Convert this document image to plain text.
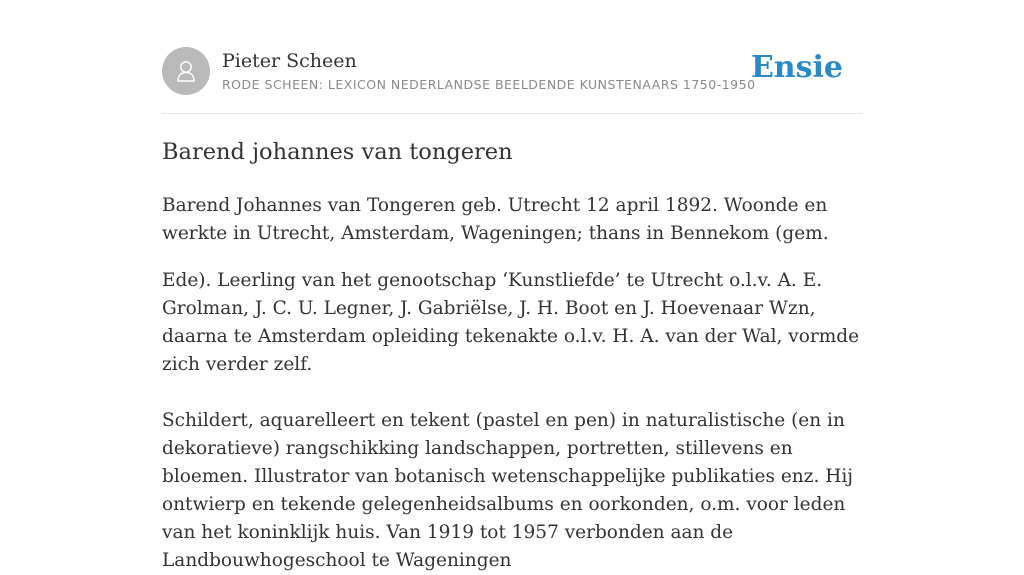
Pieter Scheen
RODE SCHEEN: LEXICON NEDERLANDSE BEELDENDE KUNSTENAARS 1750-1950
Ensie
Barend johannes van tongeren

Barend Johannes van Tongeren geb. Utrecht 12 april 1892. Woonde en werkte in Utrecht, Amsterdam, Wageningen; thans in Bennekom (gem.

Ede). Leerling van het genootschap ‘Kunstliefde’ te Utrecht o.l.v. A. E. Grolman, J. C. U. Legner, J. Gabriëlse, J. H. Boot en J. Hoevenaar Wzn, daarna te Amsterdam opleiding tekenakte o.l.v. H. A. van der Wal, vormde zich verder zelf.

Schildert, aquarelleert en tekent (pastel en pen) in naturalistische (en in dekoratieve) rangschikking landschappen, portretten, stillevens en bloemen. Illustrator van botanisch wetenschappelijke publikaties enz. Hij ontwierp en tekende gelegenheidsalbums en oorkonden, o.m. voor leden van het koninklijk huis. Van 1919 tot 1957 verbonden aan de Landbouwhogeschool te Wageningen
